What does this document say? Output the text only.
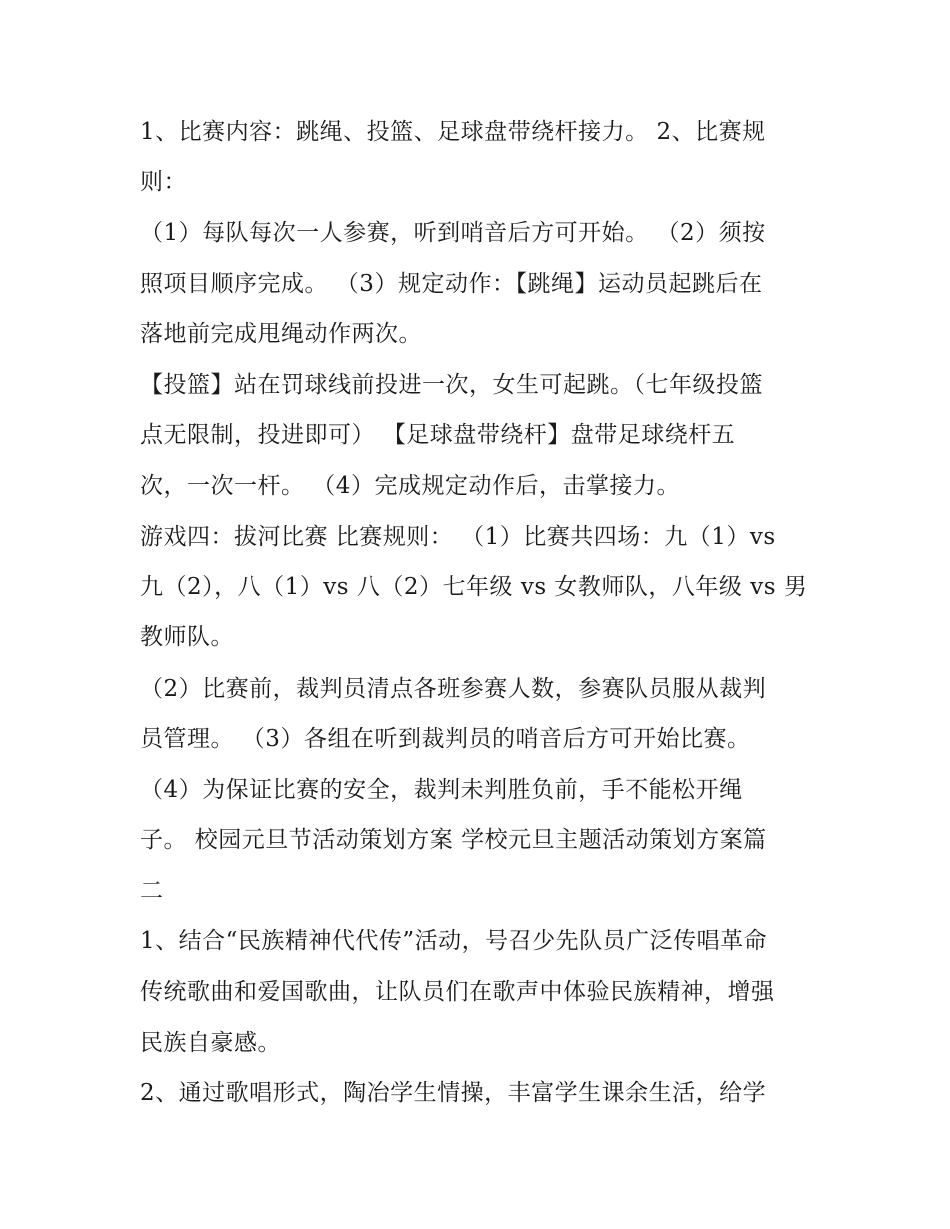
1、比赛内容：跳绳、投篮、足球盘带绕杆接力。 2、比赛规
则：
（1）每队每次一人参赛，听到哨音后方可开始。 （2）须按
照项目顺序完成。 （3）规定动作：【跳绳】运动员起跳后在
落地前完成甩绳动作两次。
【投篮】站在罚球线前投进一次，女生可起跳。（七年级投篮
点无限制，投进即可） 【足球盘带绕杆】盘带足球绕杆五
次，一次一杆。 （4）完成规定动作后，击掌接力。
游戏四：拔河比赛 比赛规则： （1）比赛共四场：九（1）vs
九（2），八（1）vs 八（2）七年级 vs 女教师队，八年级 vs 男
教师队。
（2）比赛前，裁判员清点各班参赛人数，参赛队员服从裁判
员管理。 （3）各组在听到裁判员的哨音后方可开始比赛。
（4）为保证比赛的安全，裁判未判胜负前，手不能松开绳
子。 校园元旦节活动策划方案 学校元旦主题活动策划方案篇
二
1、结合“民族精神代代传”活动，号召少先队员广泛传唱革命
传统歌曲和爱国歌曲，让队员们在歌声中体验民族精神，增强
民族自豪感。
2、通过歌唱形式，陶冶学生情操，丰富学生课余生活，给学
